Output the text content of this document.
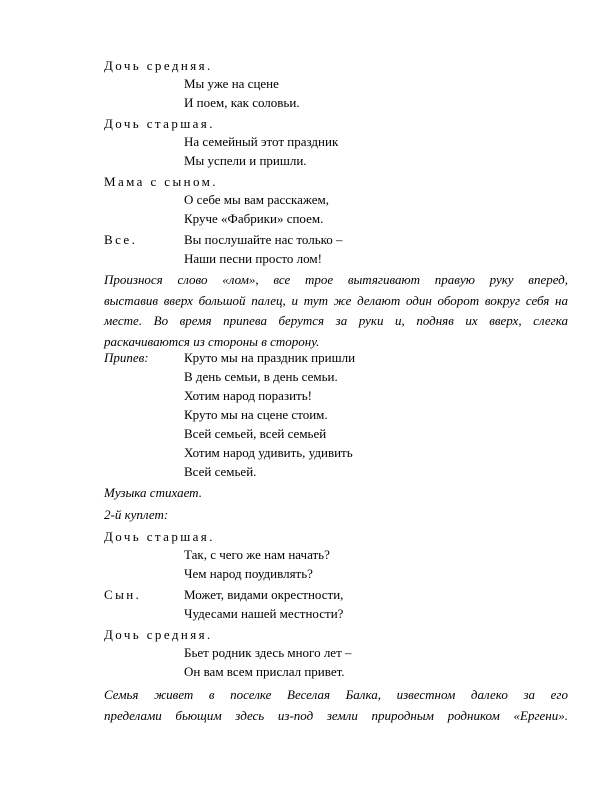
Дочь средняя.
Мы уже на сцене
И поем, как соловьи.
Дочь старшая.
На семейный этот праздник
Мы успели и пришли.
Мама с сыном.
О себе мы вам расскажем,
Круче «Фабрики» споем.
Все.	Вы послушайте нас только –
Наши песни просто лом!
Произнося слово «лом», все трое вытягивают правую руку вперед,
выставив вверх большой палец, и тут же делают один оборот вокруг себя на
месте. Во время припева берутся за руки и, подняв их вверх, слегка
раскачиваются из стороны в сторону.
Припев:	Круто мы на праздник пришли
В день семьи, в день семьи.
Хотим народ поразить!
Круто мы на сцене стоим.
Всей семьей, всей семьей
Хотим народ удивить, удивить
Всей семьей.
Музыка стихает.
2-й куплет:
Дочь старшая.
Так, с чего же нам начать?
Чем народ поудивлять?
Сын.	Может, видами окрестности,
Чудесами нашей местности?
Дочь средняя.
Бьет родник здесь много лет –
Он вам всем прислал привет.
Семья живет в поселке Веселая Балка, известном далеко за его
пределами бьющим здесь из-под земли природным родником «Ергени».
